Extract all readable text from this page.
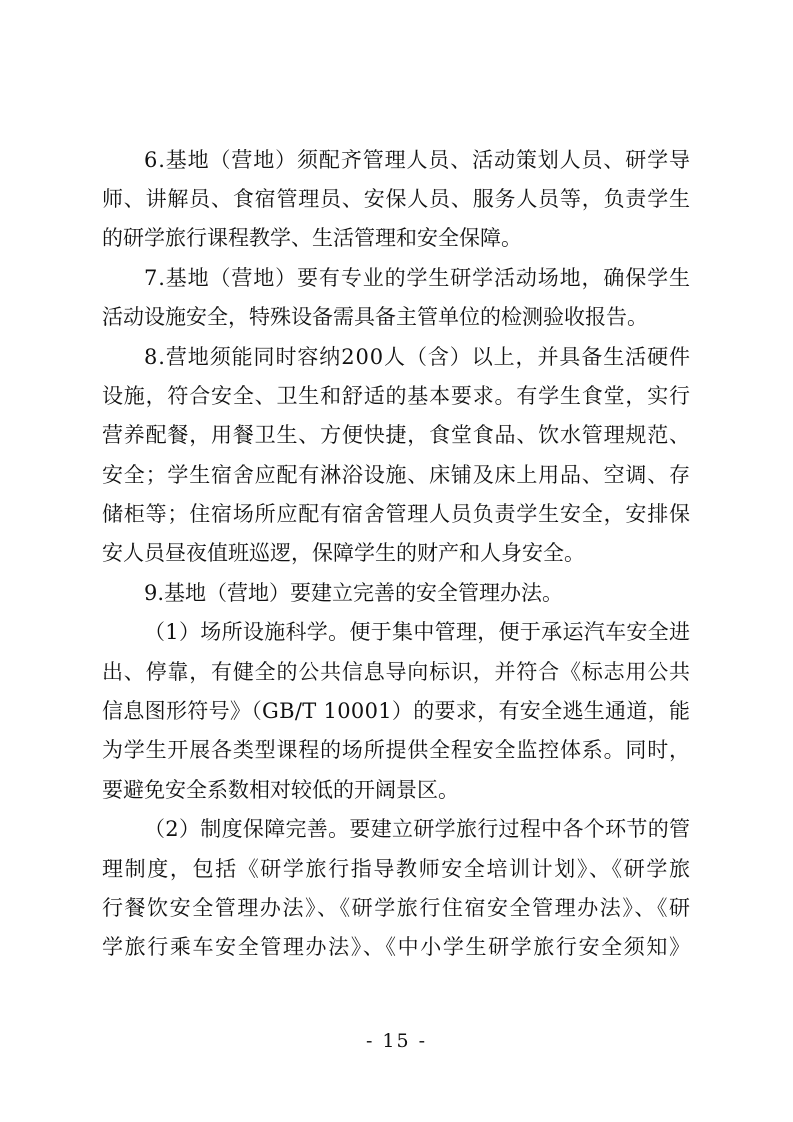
6.基地（营地）须配齐管理人员、活动策划人员、研学导
师、讲解员、食宿管理员、安保人员、服务人员等，负责学生
的研学旅行课程教学、生活管理和安全保障。
7.基地（营地）要有专业的学生研学活动场地，确保学生
活动设施安全，特殊设备需具备主管单位的检测验收报告。
8.营地须能同时容纳200人（含）以上，并具备生活硬件
设施，符合安全、卫生和舒适的基本要求。有学生食堂，实行
营养配餐，用餐卫生、方便快捷，食堂食品、饮水管理规范、
安全；学生宿舍应配有淋浴设施、床铺及床上用品、空调、存
储柜等；住宿场所应配有宿舍管理人员负责学生安全，安排保
安人员昼夜值班巡逻，保障学生的财产和人身安全。
9.基地（营地）要建立完善的安全管理办法。
（1）场所设施科学。便于集中管理，便于承运汽车安全进
出、停靠，有健全的公共信息导向标识，并符合《标志用公共
信息图形符号》（GB/T 10001）的要求，有安全逃生通道，能
为学生开展各类型课程的场所提供全程安全监控体系。同时，
要避免安全系数相对较低的开阔景区。
（2）制度保障完善。要建立研学旅行过程中各个环节的管
理制度，包括《研学旅行指导教师安全培训计划》、《研学旅
行餐饮安全管理办法》、《研学旅行住宿安全管理办法》、《研
学旅行乘车安全管理办法》、《中小学生研学旅行安全须知》
- 15 -
